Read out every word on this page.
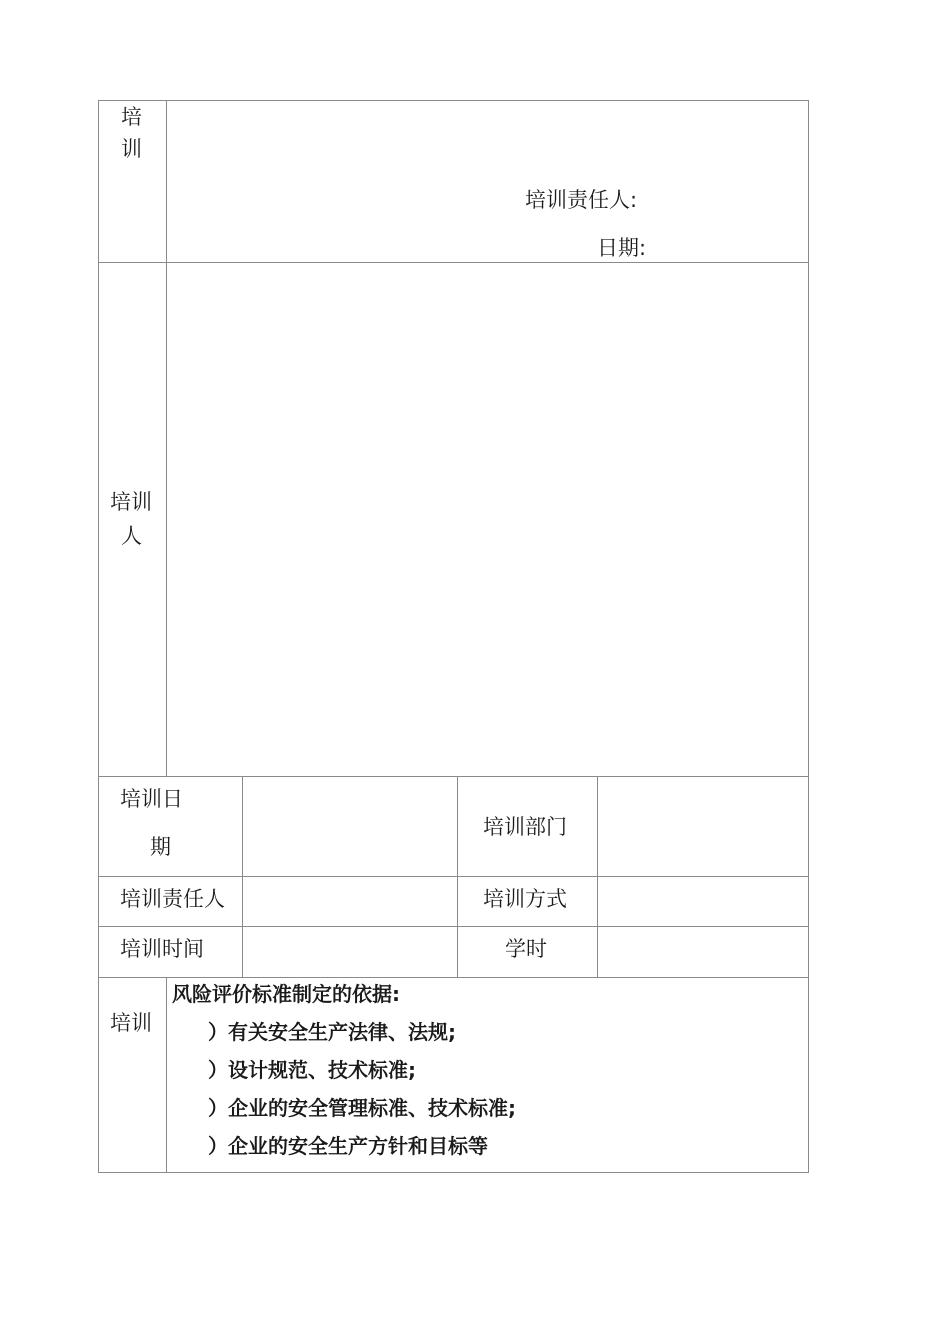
培
训
培训责任人:
日期:
培训
人
培训日
期
培训部门
培训责任人	培训方式
培训时间	学时
培训
风险评价标准制定的依据:
）有关安全生产法律、法规;
）设计规范、技术标准;
）企业的安全管理标准、技术标准;
）企业的安全生产方针和目标等
